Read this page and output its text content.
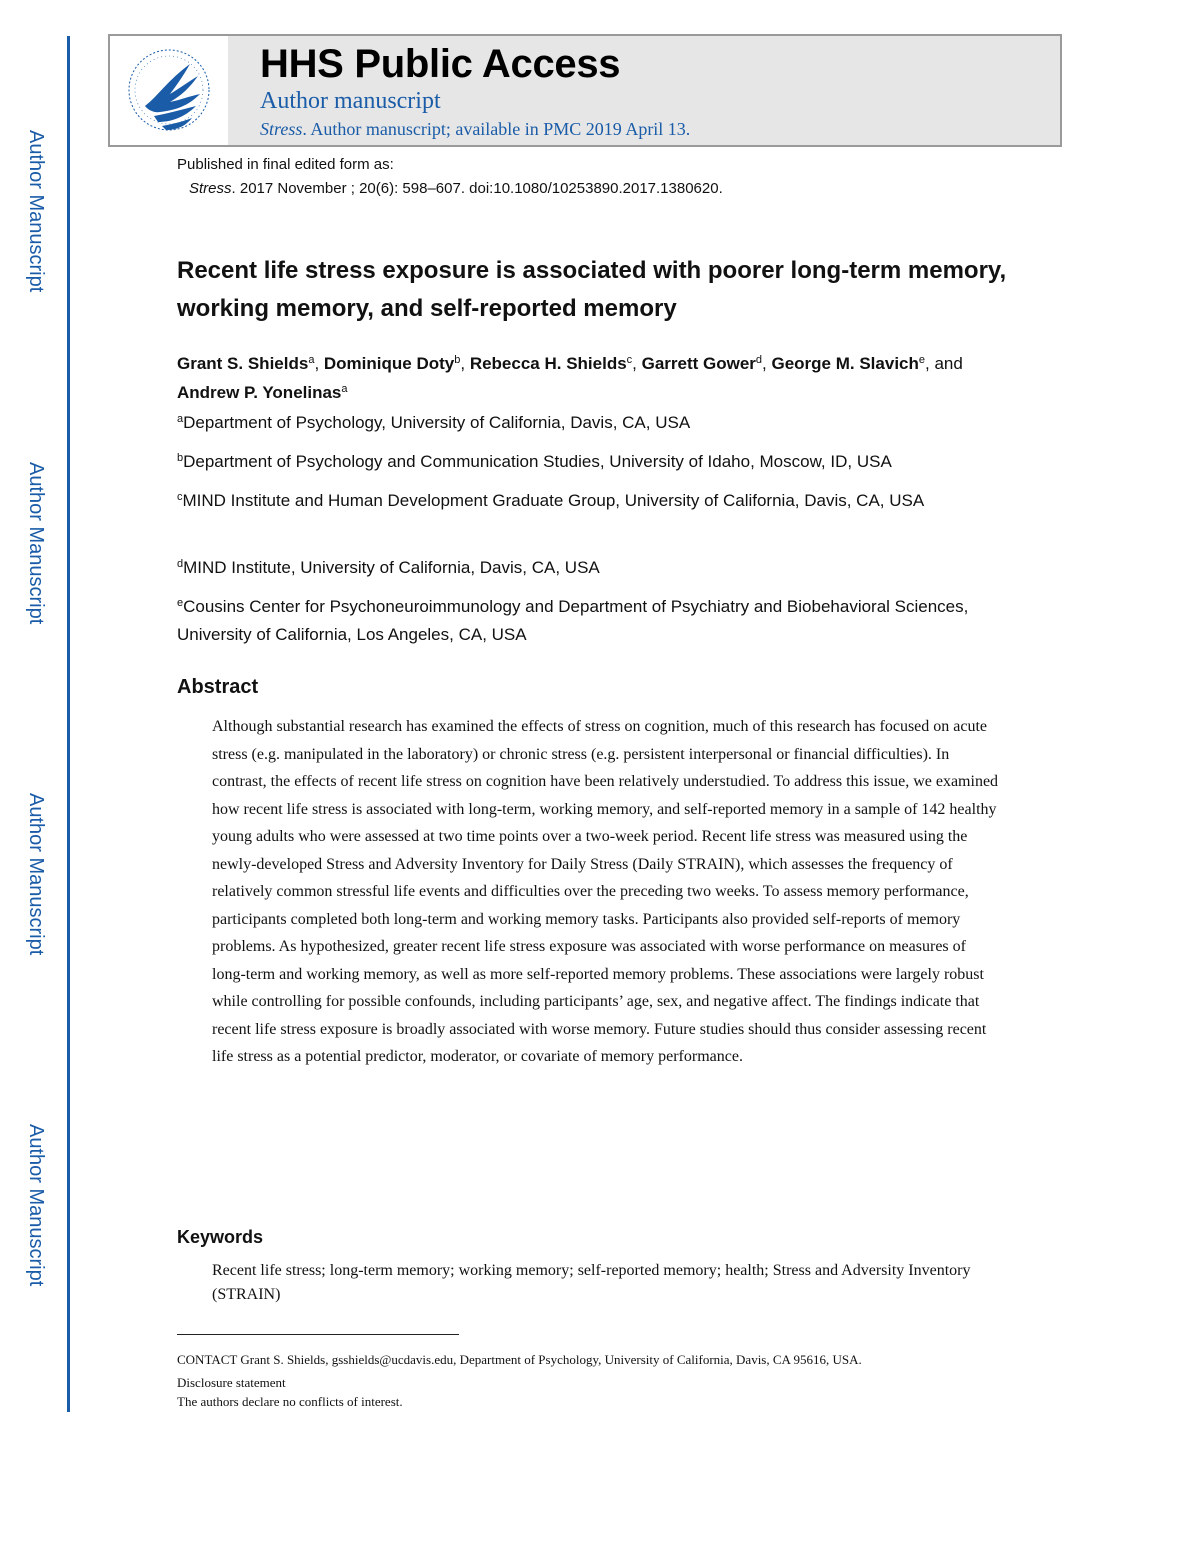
Author Manuscript
Author Manuscript
Author Manuscript
Author Manuscript
HHS Public Access
Author manuscript
Stress. Author manuscript; available in PMC 2019 April 13.
Published in final edited form as:
Stress. 2017 November ; 20(6): 598–607. doi:10.1080/10253890.2017.1380620.
Recent life stress exposure is associated with poorer long-term memory, working memory, and self-reported memory
Grant S. Shields$^a$, Dominique Doty$^b$, Rebecca H. Shields$^c$, Garrett Gower$^d$, George M. Slavich$^e$, and Andrew P. Yonelinas$^a$
$^a$Department of Psychology, University of California, Davis, CA, USA
$^b$Department of Psychology and Communication Studies, University of Idaho, Moscow, ID, USA
$^c$MIND Institute and Human Development Graduate Group, University of California, Davis, CA, USA
$^d$MIND Institute, University of California, Davis, CA, USA
$^e$Cousins Center for Psychoneuroimmunology and Department of Psychiatry and Biobehavioral Sciences, University of California, Los Angeles, CA, USA
Abstract
Although substantial research has examined the effects of stress on cognition, much of this research has focused on acute stress (e.g. manipulated in the laboratory) or chronic stress (e.g. persistent interpersonal or financial difficulties). In contrast, the effects of recent life stress on cognition have been relatively understudied. To address this issue, we examined how recent life stress is associated with long-term, working memory, and self-reported memory in a sample of 142 healthy young adults who were assessed at two time points over a two-week period. Recent life stress was measured using the newly-developed Stress and Adversity Inventory for Daily Stress (Daily STRAIN), which assesses the frequency of relatively common stressful life events and difficulties over the preceding two weeks. To assess memory performance, participants completed both long-term and working memory tasks. Participants also provided self-reports of memory problems. As hypothesized, greater recent life stress exposure was associated with worse performance on measures of long-term and working memory, as well as more self-reported memory problems. These associations were largely robust while controlling for possible confounds, including participants’ age, sex, and negative affect. The findings indicate that recent life stress exposure is broadly associated with worse memory. Future studies should thus consider assessing recent life stress as a potential predictor, moderator, or covariate of memory performance.
Keywords
Recent life stress; long-term memory; working memory; self-reported memory; health; Stress and Adversity Inventory (STRAIN)
CONTACT Grant S. Shields, gsshields@ucdavis.edu, Department of Psychology, University of California, Davis, CA 95616, USA.
Disclosure statement
The authors declare no conflicts of interest.
